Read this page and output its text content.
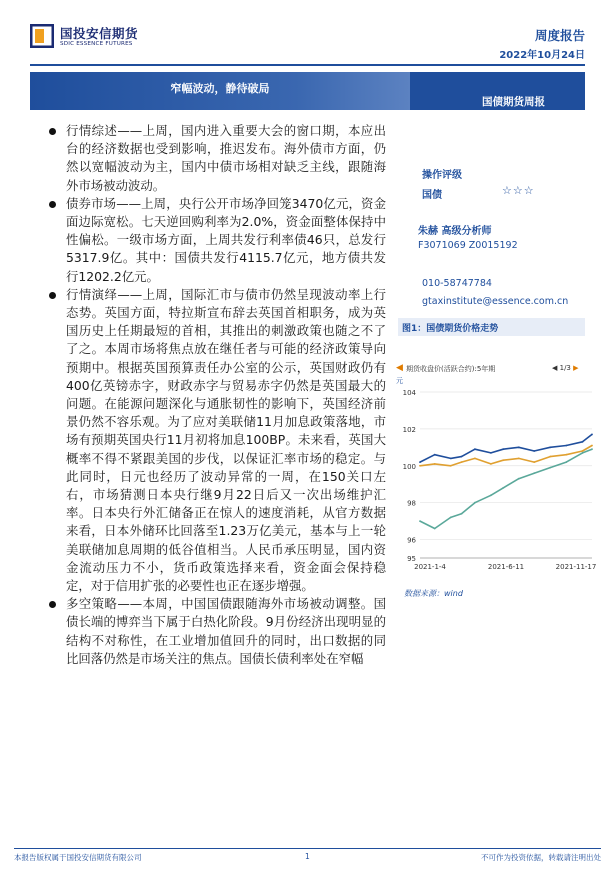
国投安信期货
SDIC ESSENCE FUTURES
周度报告
2022年10月24日
窄幅波动，静待破局
国债期货周报
行情综述——上周，国内进入重要大会的窗口期，本应出台的经济数据也受到影响，推迟发布。海外债市方面，仍然以宽幅波动为主，国内中债市场相对缺乏主线，跟随海外市场被动波动。
债券市场——上周，央行公开市场净回笼3470亿元，资金面边际宽松。七天逆回购利率为2.0%，资金面整体保持中性偏松。一级市场方面，上周共发行利率债46只，总发行5317.9亿。其中：国债共发行4115.7亿元，地方债共发行1202.2亿元。
行情演绎——上周，国际汇市与债市仍然呈现波动率上行态势。英国方面，特拉斯宣布辞去英国首相职务，成为英国历史上任期最短的首相，其推出的刺激政策也随之不了了之。本周市场将焦点放在继任者与可能的经济政策导向预期中。根据英国预算责任办公室的公示，英国财政仍有400亿英镑赤字，财政赤字与贸易赤字仍然是英国最大的问题。在能源问题深化与通胀韧性的影响下，英国经济前景仍然不容乐观。为了应对美联储11月加息政策落地，市场有预期英国央行11月初将加息100BP。未来看，英国大概率不得不紧跟美国的步伐，以保证汇率市场的稳定。与此同时，日元也经历了波动异常的一周，在150关口左右，市场猜测日本央行继9月22日后又一次出场维护汇率。日本央行外汇储备正在惊人的速度消耗，从官方数据来看，日本外储环比回落至1.23万亿美元，基本与上一轮美联储加息周期的低谷值相当。人民币承压明显，国内资金流动压力不小，货币政策选择来看，资金面会保持稳定，对于信用扩张的必要性也正在逐步增强。
多空策略——本周，中国国债跟随海外市场被动调整。国债长端的博弈当下属于白热化阶段。9月份经济出现明显的结构不对称性，在工业增加值回升的同时，出口数据的同比回落仍然是市场关注的焦点。国债长债利率处在窄幅
操作评级
国债	☆☆☆
朱赫 高级分析师
F3071069 Z0015192
010-58747784
gtaxinstitute@essence.com.cn
图1：国债期货价格走势
◀ 期货收盘价(活跃合约):5年期	◀ 1/3 ▶
元
96
98
100
102
104
95
2021-1-4	2021-6-11	2021-11-17
数据来源：wind
本报告版权属于国投安信期货有限公司	1	不可作为投资依据，转载请注明出处
